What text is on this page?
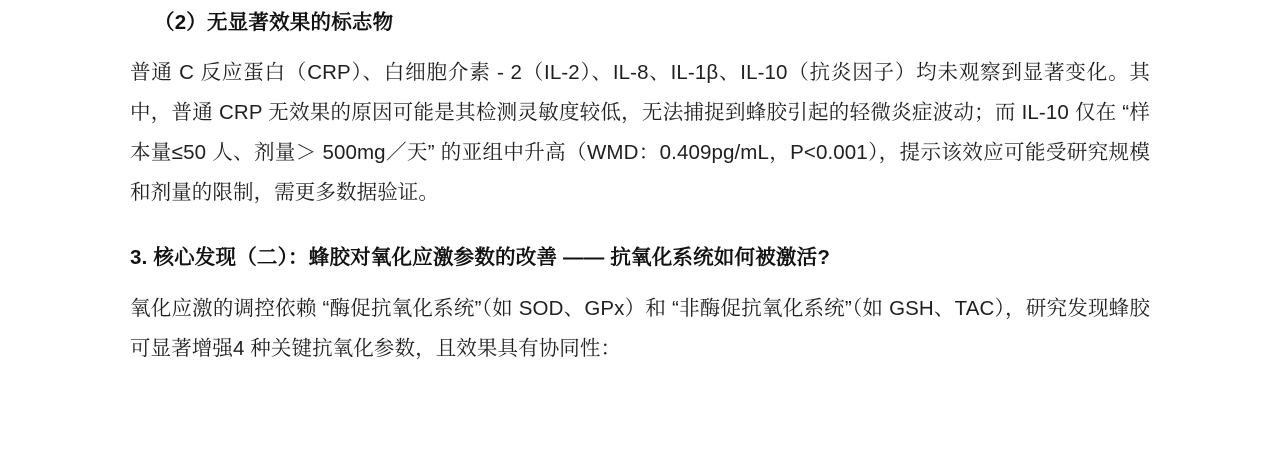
（2）无显著效果的标志物

普通 C 反应蛋白（CRP）、白细胞介素 - 2（IL-2）、IL-8、IL-1β、IL-10（抗炎因子）均未观察到显著变化。其中，普通 CRP 无效果的原因可能是其检测灵敏度较低，无法捕捉到蜂胶引起的轻微炎症波动；而 IL-10 仅在 “样本量≤50 人、剂量＞ 500mg／天” 的亚组中升高（WMD：0.409pg/mL，P<0.001），提示该效应可能受研究规模和剂量的限制，需更多数据验证。

3. 核心发现（二）：蜂胶对氧化应激参数的改善 —— 抗氧化系统如何被激活?

氧化应激的调控依赖 “酶促抗氧化系统”（如 SOD、GPx）和 “非酶促抗氧化系统”（如 GSH、TAC），研究发现蜂胶可显著增强4 种关键抗氧化参数，且效果具有协同性：
